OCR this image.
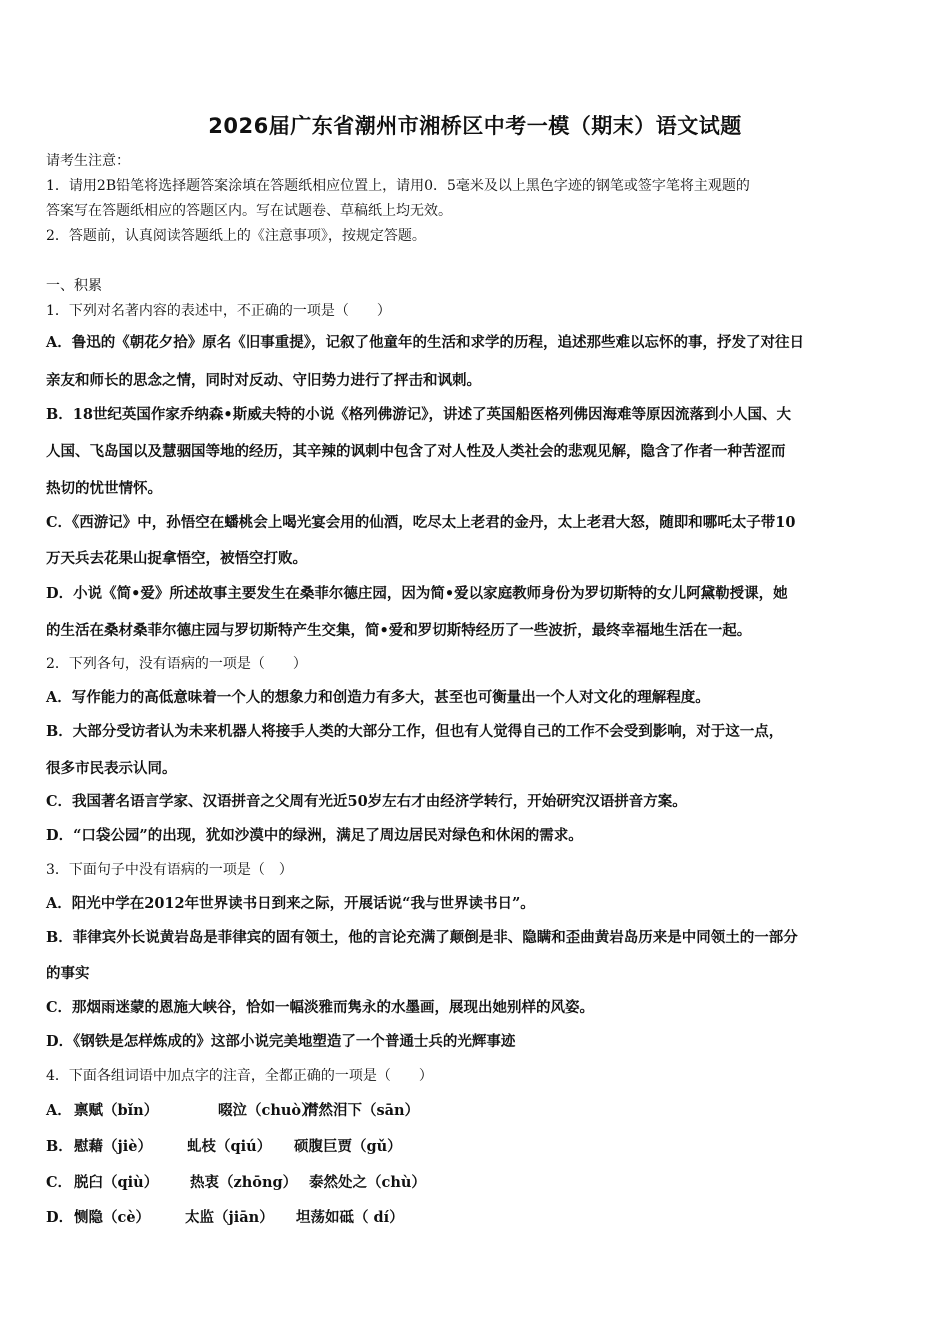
2026届广东省潮州市湘桥区中考一模（期末）语文试题
请考生注意：
1．请用2B铅笔将选择题答案涂填在答题纸相应位置上，请用0．5毫米及以上黑色字迹的钢笔或签字笔将主观题的
答案写在答题纸相应的答题区内。写在试题卷、草稿纸上均无效。
2．答题前，认真阅读答题纸上的《注意事项》，按规定答题。
一、积累
1．下列对名著内容的表述中，不正确的一项是（　　）
A．鲁迅的《朝花夕拾》原名《旧事重提》，记叙了他童年的生活和求学的历程，追述那些难以忘怀的事，抒发了对往日
亲友和师长的思念之情，同时对反动、守旧势力进行了抨击和讽刺。
B．18世纪英国作家乔纳森•斯威夫特的小说《格列佛游记》，讲述了英国船医格列佛因海难等原因流落到小人国、大
人国、飞岛国以及慧骃国等地的经历，其辛辣的讽刺中包含了对人性及人类社会的悲观见解，隐含了作者一种苦涩而
热切的忧世情怀。
C．《西游记》中，孙悟空在蟠桃会上喝光宴会用的仙酒，吃尽太上老君的金丹，太上老君大怒，随即和哪吒太子带10
万天兵去花果山捉拿悟空，被悟空打败。
D．小说《简•爱》所述故事主要发生在桑菲尔德庄园，因为简•爱以家庭教师身份为罗切斯特的女儿阿黛勒授课，她
的生活在桑材桑菲尔德庄园与罗切斯特产生交集，简•爱和罗切斯特经历了一些波折，最终幸福地生活在一起。
2．下列各句，没有语病的一项是（　　）
A．写作能力的高低意味着一个人的想象力和创造力有多大，甚至也可衡量出一个人对文化的理解程度。
B．大部分受访者认为未来机器人将接手人类的大部分工作，但也有人觉得自己的工作不会受到影响，对于这一点，
很多市民表示认同。
C．我国著名语言学家、汉语拼音之父周有光近50岁左右才由经济学转行，开始研究汉语拼音方案。
D．“口袋公园”的出现，犹如沙漠中的绿洲，满足了周边居民对绿色和休闲的需求。
3．下面句子中没有语病的一项是（　）
A．阳光中学在2012年世界读书日到来之际，开展话说“我与世界读书日”。
B．菲律宾外长说黄岩岛是菲律宾的固有领土，他的言论充满了颠倒是非、隐瞒和歪曲黄岩岛历来是中同领土的一部分
的事实
C．那烟雨迷蒙的恩施大峡谷，恰如一幅淡雅而隽永的水墨画，展现出她别样的风姿。
D．《钢铁是怎样炼成的》这部小说完美地塑造了一个普通士兵的光辉事迹
4．下面各组词语中加点字的注音，全都正确的一项是（　　）
A． 禀赋（bǐn）	啜泣（chuò）
潸然泪下（sān）
B． 慰藉（jiè） 虬枝（qiú） 硕腹巨贾（gǔ）
C． 脱臼（qiù） 热衷（zhōng） 泰然处之（chù）
D． 恻隐（cè） 太监（jiān） 坦荡如砥（ dí）
